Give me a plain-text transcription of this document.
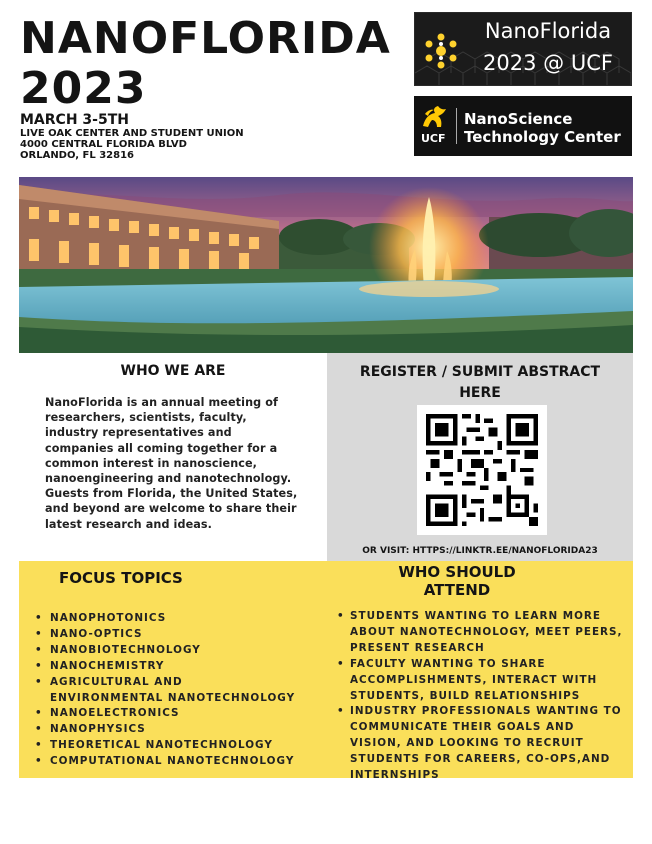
NANOFLORIDA
2023
MARCH 3-5TH
LIVE OAK CENTER AND STUDENT UNION
4000 CENTRAL FLORIDA BLVD
ORLANDO, FL 32816
NanoFlorida
2023 @ UCF
UCF
NanoScience
Technology Center
WHO WE ARE
NanoFlorida is an annual meeting of researchers, scientists, faculty, industry representatives and companies all coming together for a common interest in nanoscience, nanoengineering and nanotechnology. Guests from Florida, the United States, and beyond are welcome to share their latest research and ideas.
REGISTER / SUBMIT ABSTRACT HERE
OR VISIT: HTTPS://LINKTR.EE/NANOFLORIDA23
FOCUS TOPICS	WHO SHOULD
ATTEND
• NANOPHOTONICS
• NANO-OPTICS
• NANOBIOTECHNOLOGY
• NANOCHEMISTRY
• AGRICULTURAL AND ENVIRONMENTAL NANOTECHNOLOGY
• NANOELECTRONICS
• NANOPHYSICS
• THEORETICAL NANOTECHNOLOGY
• COMPUTATIONAL NANOTECHNOLOGY
• STUDENTS WANTING TO LEARN MORE ABOUT NANOTECHNOLOGY, MEET PEERS, PRESENT RESEARCH
• FACULTY WANTING TO SHARE ACCOMPLISHMENTS, INTERACT WITH STUDENTS, BUILD RELATIONSHIPS
• INDUSTRY PROFESSIONALS WANTING TO COMMUNICATE THEIR GOALS AND VISION, AND LOOKING TO RECRUIT STUDENTS FOR CAREERS, CO-OPS,AND INTERNSHIPS
